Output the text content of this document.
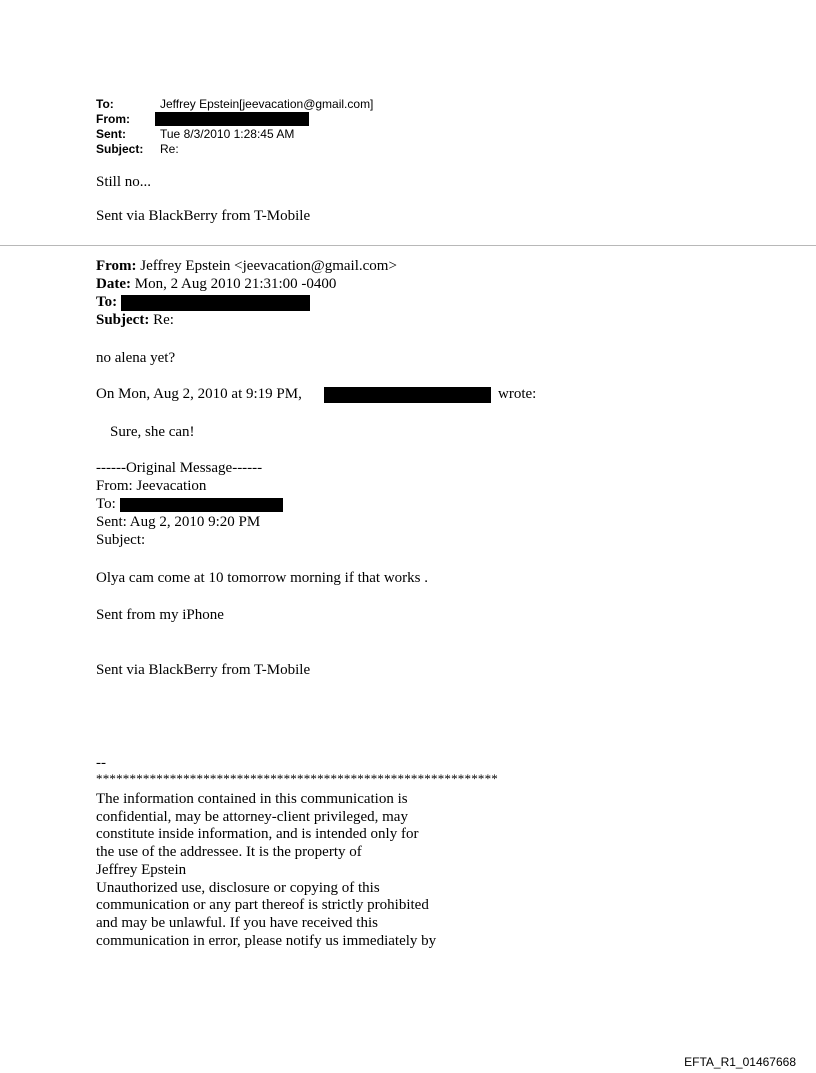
To:	Jeffrey Epstein[jeevacation@gmail.com]
From:
Sent:	Tue 8/3/2010 1:28:45 AM
Subject: Re:
Still no...
Sent via BlackBerry from T-Mobile
From: Jeffrey Epstein <jeevacation@gmail.com>
Date: Mon, 2 Aug 2010 21:31:00 -0400
To:
Subject: Re:
no alena yet?
On Mon, Aug 2, 2010 at 9:19 PM,	wrote:
Sure, she can!
------Original Message------
From: Jeevacation
To:
Sent: Aug 2, 2010 9:20 PM
Subject:
Olya cam come at 10 tomorrow morning if that works .
Sent from my iPhone
Sent via BlackBerry from T-Mobile
--
************************************************************
The information contained in this communication is
confidential, may be attorney-client privileged, may
constitute inside information, and is intended only for
the use of the addressee. It is the property of
Jeffrey Epstein
Unauthorized use, disclosure or copying of this
communication or any part thereof is strictly prohibited
and may be unlawful. If you have received this
communication in error, please notify us immediately by
EFTA_R1_01467668
